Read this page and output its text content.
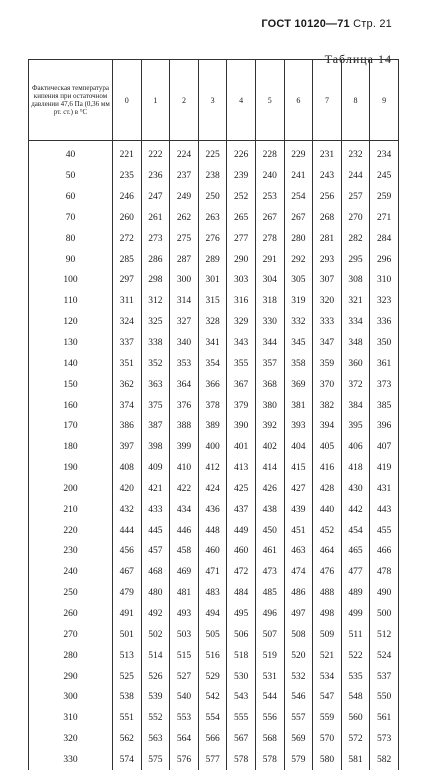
ГОСТ 10120—71 Стр. 21
Таблица 14
Фактическая температура кипения при остаточном давлении 47,6 Па (0,36 мм рт. ст.) в °С	0	1	2	3	4	5	6	7	8	9
40	221	222	224	225	226	228	229	231	232	234
50	235	236	237	238	239	240	241	243	244	245
60	246	247	249	250	252	253	254	256	257	259
70	260	261	262	263	265	267	267	268	270	271
80	272	273	275	276	277	278	280	281	282	284
90	285	286	287	289	290	291	292	293	295	296
100	297	298	300	301	303	304	305	307	308	310
110	311	312	314	315	316	318	319	320	321	323
120	324	325	327	328	329	330	332	333	334	336
130	337	338	340	341	343	344	345	347	348	350
140	351	352	353	354	355	357	358	359	360	361
150	362	363	364	366	367	368	369	370	372	373
160	374	375	376	378	379	380	381	382	384	385
170	386	387	388	389	390	392	393	394	395	396
180	397	398	399	400	401	402	404	405	406	407
190	408	409	410	412	413	414	415	416	418	419
200	420	421	422	424	425	426	427	428	430	431
210	432	433	434	436	437	438	439	440	442	443
220	444	445	446	448	449	450	451	452	454	455
230	456	457	458	460	460	461	463	464	465	466
240	467	468	469	471	472	473	474	476	477	478
250	479	480	481	483	484	485	486	488	489	490
260	491	492	493	494	495	496	497	498	499	500
270	501	502	503	505	506	507	508	509	511	512
280	513	514	515	516	518	519	520	521	522	524
290	525	526	527	529	530	531	532	534	535	537
300	538	539	540	542	543	544	546	547	548	550
310	551	552	553	554	555	556	557	559	560	561
320	562	563	564	566	567	568	569	570	572	573
330	574	575	576	577	578	578	579	580	581	582
